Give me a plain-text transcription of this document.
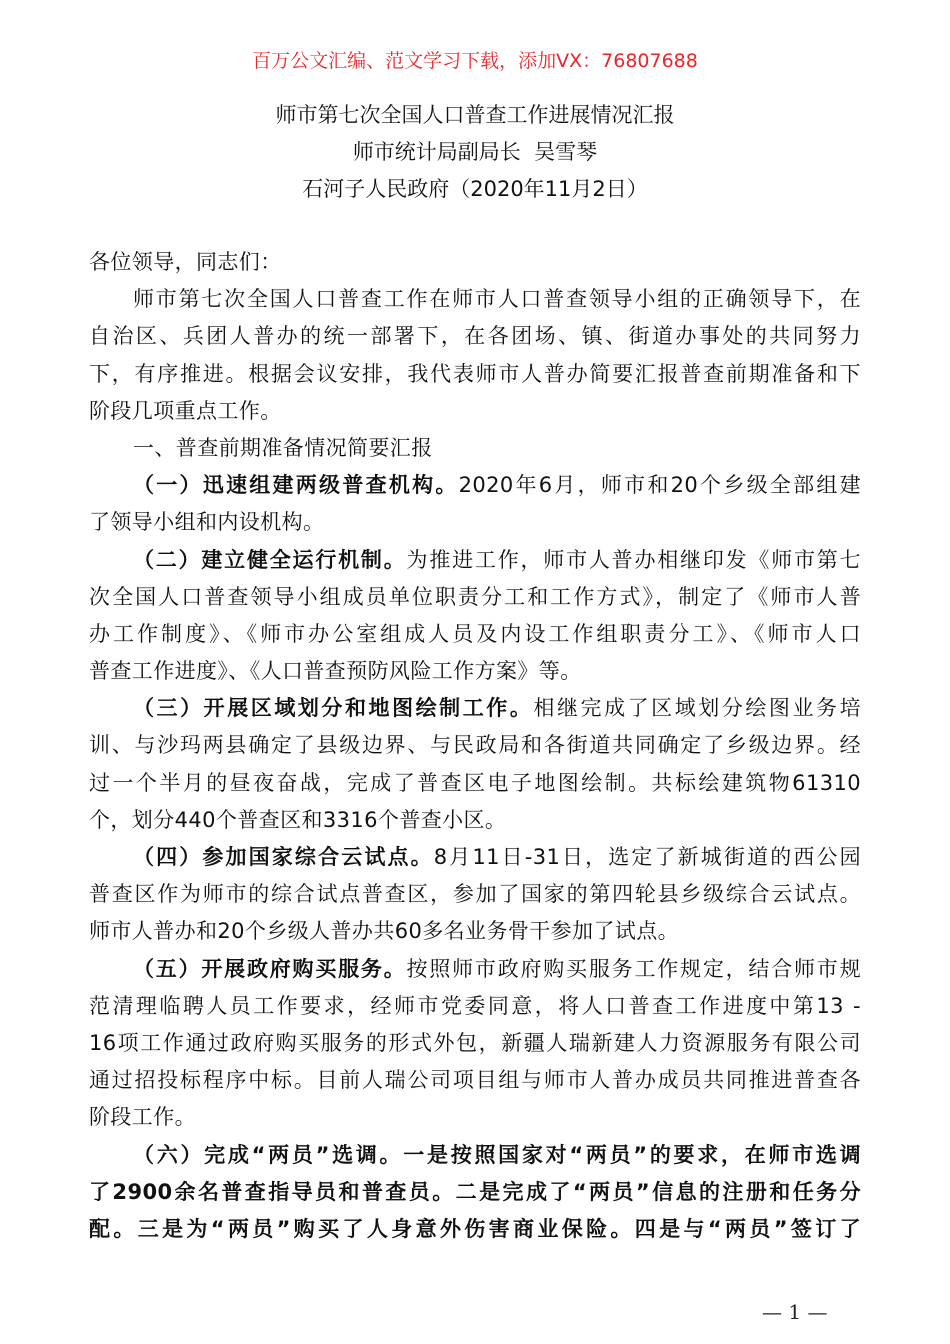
百万公文汇编、范文学习下载，添加VX：76807688
师市第七次全国人口普查工作进展情况汇报
师市统计局副局长  吴雪琴
石河子人民政府（2020年11月2日）
各位领导，同志们：
师市第七次全国人口普查工作在师市人口普查领导小组的正确领导下，在
自治区、兵团人普办的统一部署下，在各团场、镇、街道办事处的共同努力
下，有序推进。根据会议安排，我代表师市人普办简要汇报普查前期准备和下
阶段几项重点工作。
一、普查前期准备情况简要汇报
（一）迅速组建两级普查机构。2020年6月，师市和20个乡级全部组建
了领导小组和内设机构。
（二）建立健全运行机制。为推进工作，师市人普办相继印发《师市第七
次全国人口普查领导小组成员单位职责分工和工作方式》，制定了《师市人普
办工作制度》、《师市办公室组成人员及内设工作组职责分工》、《师市人口
普查工作进度》、《人口普查预防风险工作方案》等。
（三）开展区域划分和地图绘制工作。相继完成了区域划分绘图业务培
训、与沙玛两县确定了县级边界、与民政局和各街道共同确定了乡级边界。经
过一个半月的昼夜奋战，完成了普查区电子地图绘制。共标绘建筑物61310
个，划分440个普查区和3316个普查小区。
（四）参加国家综合云试点。8月11日-31日，选定了新城街道的西公园
普查区作为师市的综合试点普查区，参加了国家的第四轮县乡级综合云试点。
师市人普办和20个乡级人普办共60多名业务骨干参加了试点。
（五）开展政府购买服务。按照师市政府购买服务工作规定，结合师市规
范清理临聘人员工作要求，经师市党委同意，将人口普查工作进度中第13 -
16项工作通过政府购买服务的形式外包，新疆人瑞新建人力资源服务有限公司
通过招投标程序中标。目前人瑞公司项目组与师市人普办成员共同推进普查各
阶段工作。
（六）完成“两员”选调。一是按照国家对“两员”的要求，在师市选调
了2900余名普查指导员和普查员。二是完成了“两员”信息的注册和任务分
配。三是为“两员”购买了人身意外伤害商业保险。四是与“两员”签订了
— 1 —
